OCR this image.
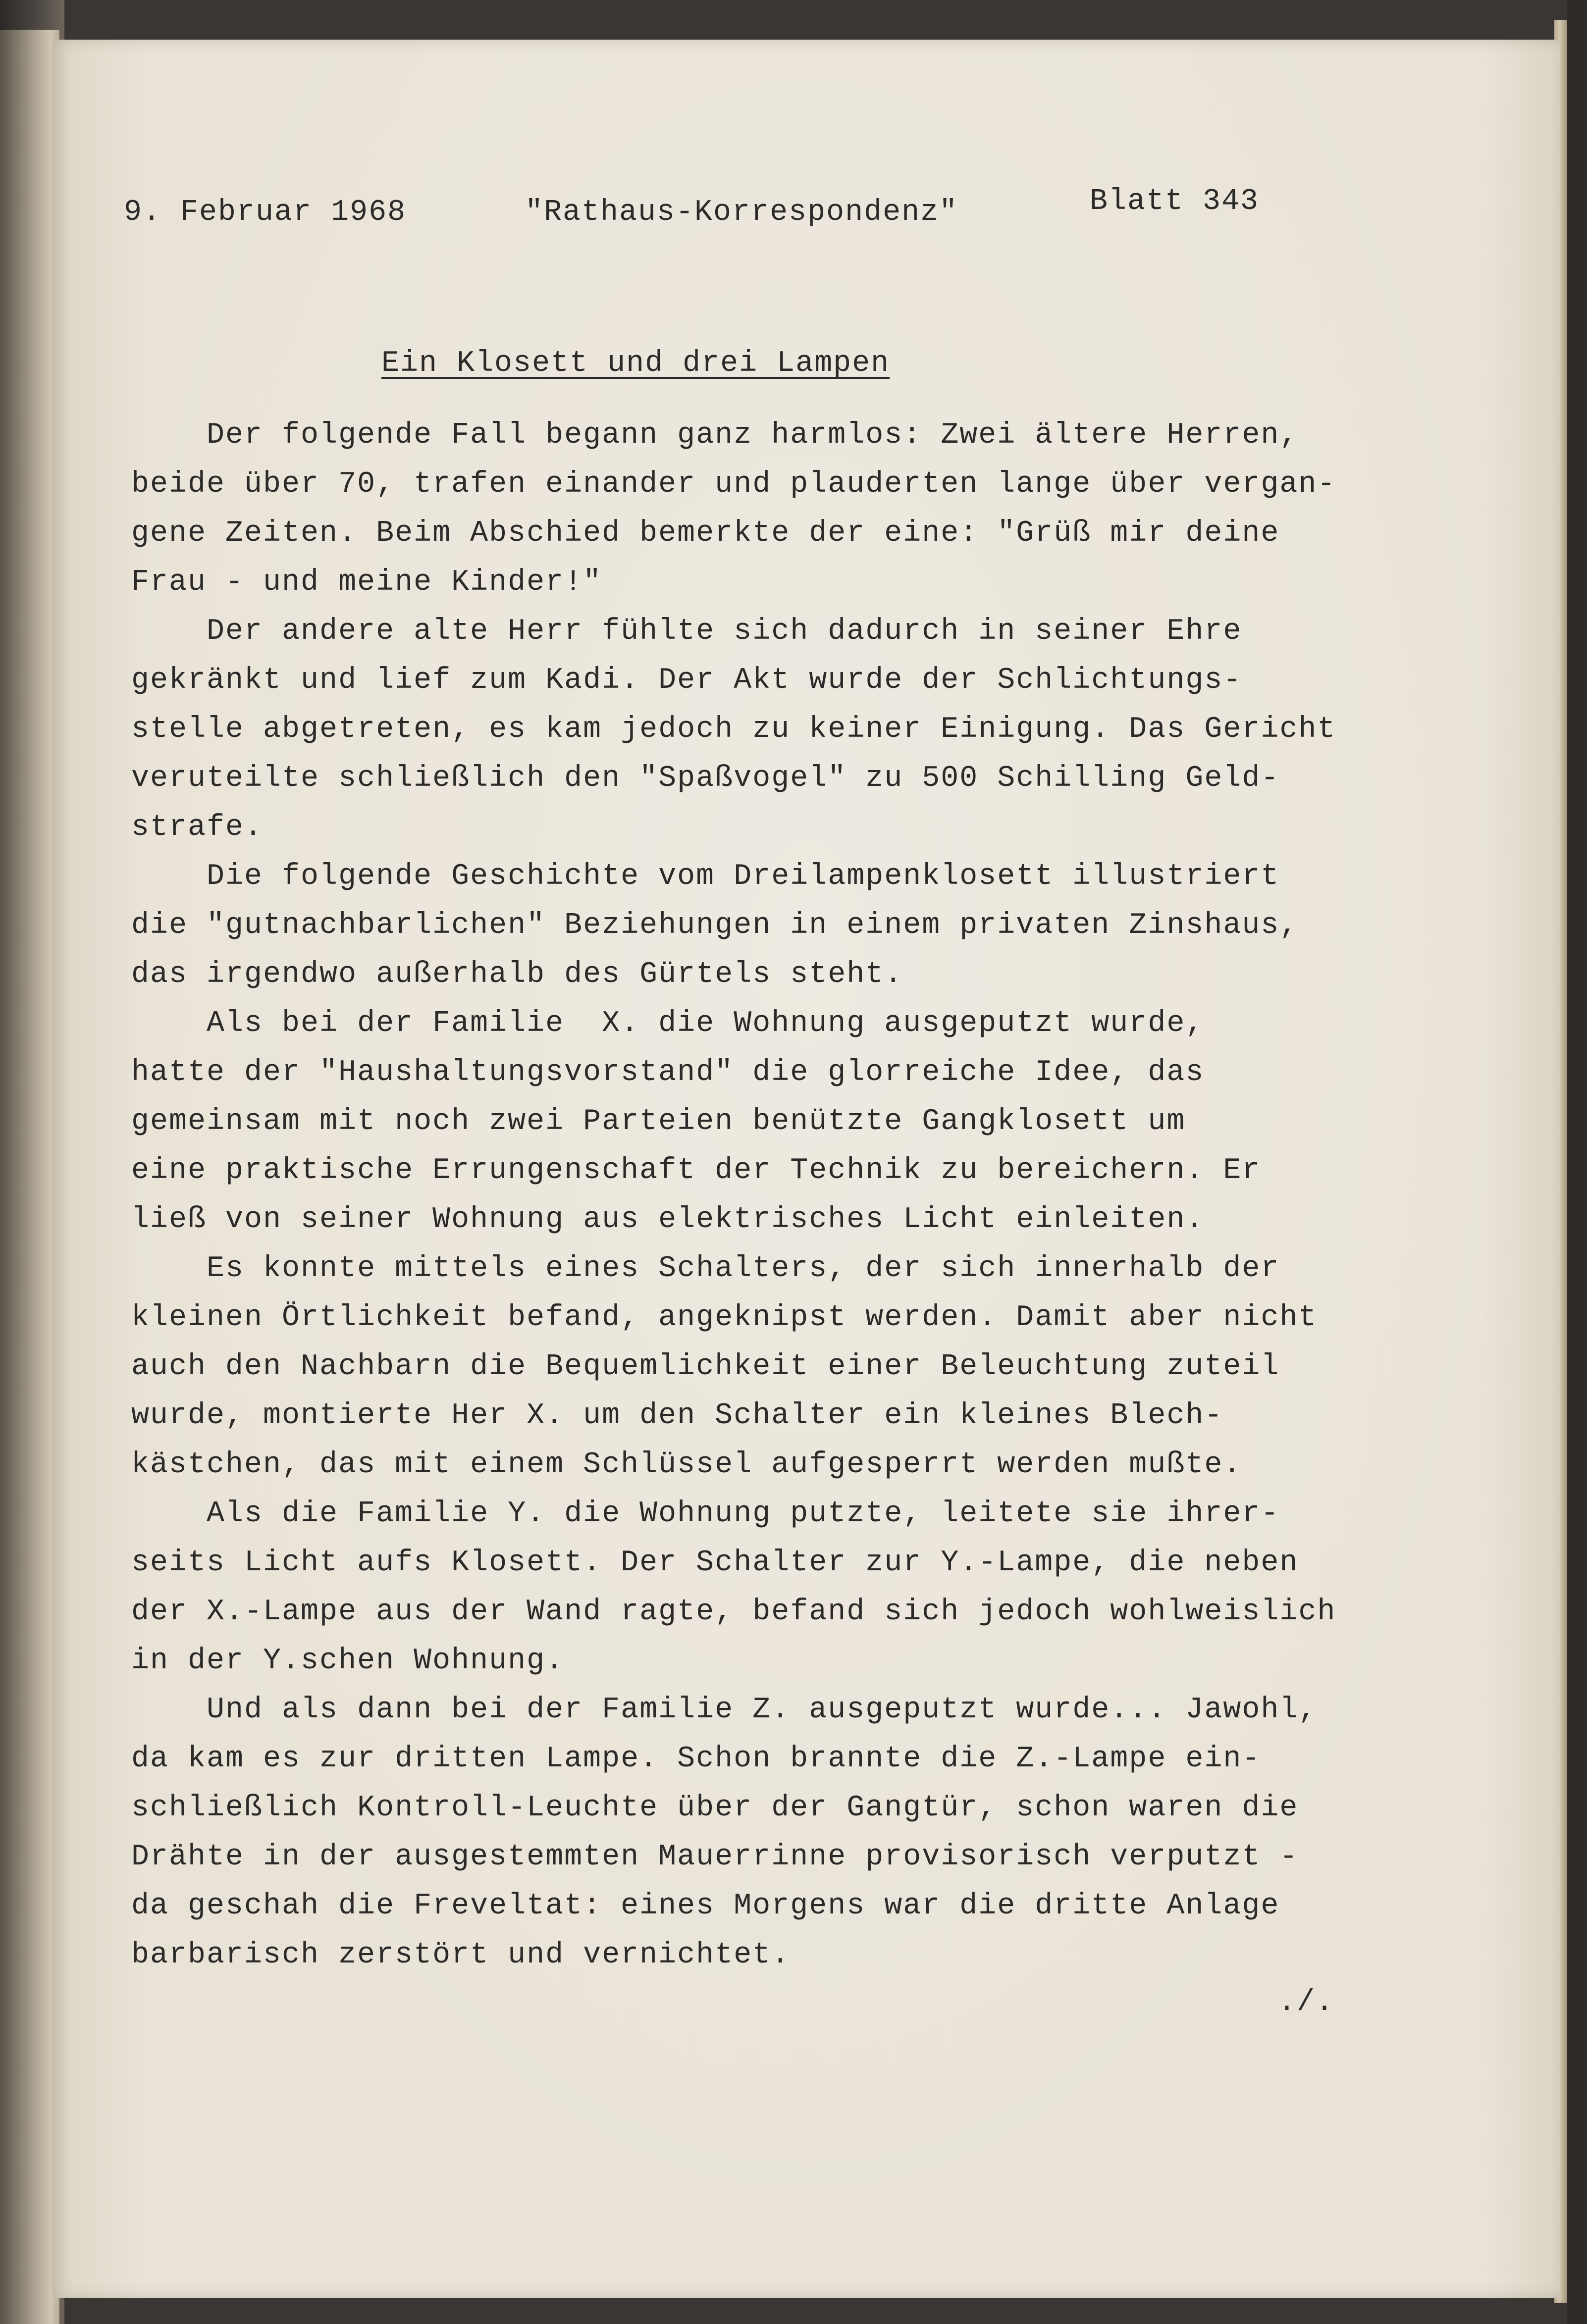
9. Februar 1968	"Rathaus-Korrespondenz"	Blatt 343
Ein Klosett und drei Lampen
Der folgende Fall begann ganz harmlos: Zwei ältere Herren,
beide über 70, trafen einander und plauderten lange über vergan-
gene Zeiten. Beim Abschied bemerkte der eine: "Grüß mir deine
Frau - und meine Kinder!"
Der andere alte Herr fühlte sich dadurch in seiner Ehre
gekränkt und lief zum Kadi. Der Akt wurde der Schlichtungs-
stelle abgetreten, es kam jedoch zu keiner Einigung. Das Gericht
veruteilte schließlich den "Spaßvogel" zu 500 Schilling Geld-
strafe.
Die folgende Geschichte vom Dreilampenklosett illustriert
die "gutnachbarlichen" Beziehungen in einem privaten Zinshaus,
das irgendwo außerhalb des Gürtels steht.
Als bei der Familie  X. die Wohnung ausgeputzt wurde,
hatte der "Haushaltungsvorstand" die glorreiche Idee, das
gemeinsam mit noch zwei Parteien benützte Gangklosett um
eine praktische Errungenschaft der Technik zu bereichern. Er
ließ von seiner Wohnung aus elektrisches Licht einleiten.
Es konnte mittels eines Schalters, der sich innerhalb der
kleinen Örtlichkeit befand, angeknipst werden. Damit aber nicht
auch den Nachbarn die Bequemlichkeit einer Beleuchtung zuteil
wurde, montierte Her X. um den Schalter ein kleines Blech-
kästchen, das mit einem Schlüssel aufgesperrt werden mußte.
Als die Familie Y. die Wohnung putzte, leitete sie ihrer-
seits Licht aufs Klosett. Der Schalter zur Y.-Lampe, die neben
der X.-Lampe aus der Wand ragte, befand sich jedoch wohlweislich
in der Y.schen Wohnung.
Und als dann bei der Familie Z. ausgeputzt wurde... Jawohl,
da kam es zur dritten Lampe. Schon brannte die Z.-Lampe ein-
schließlich Kontroll-Leuchte über der Gangtür, schon waren die
Drähte in der ausgestemmten Mauerrinne provisorisch verputzt -
da geschah die Freveltat: eines Morgens war die dritte Anlage
barbarisch zerstört und vernichtet.
./.
